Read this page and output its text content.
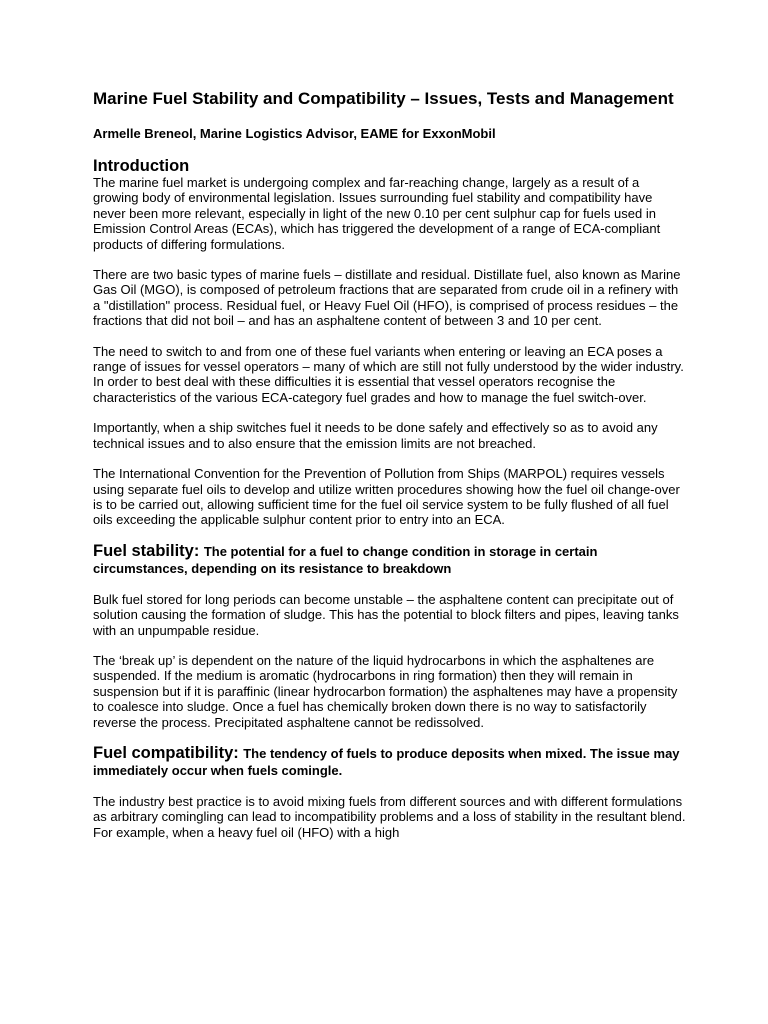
Marine Fuel Stability and Compatibility – Issues, Tests and Management

Armelle Breneol, Marine Logistics Advisor, EAME for ExxonMobil

Introduction

The marine fuel market is undergoing complex and far-reaching change, largely as a result of a growing body of environmental legislation. Issues surrounding fuel stability and compatibility have never been more relevant, especially in light of the new 0.10 per cent sulphur cap for fuels used in Emission Control Areas (ECAs), which has triggered the development of a range of ECA-compliant products of differing formulations.

There are two basic types of marine fuels – distillate and residual. Distillate fuel, also known as Marine Gas Oil (MGO), is composed of petroleum fractions that are separated from crude oil in a refinery with a "distillation" process. Residual fuel, or Heavy Fuel Oil (HFO), is comprised of process residues – the fractions that did not boil – and has an asphaltene content of between 3 and 10 per cent.

The need to switch to and from one of these fuel variants when entering or leaving an ECA poses a range of issues for vessel operators – many of which are still not fully understood by the wider industry. In order to best deal with these difficulties it is essential that vessel operators recognise the characteristics of the various ECA-category fuel grades and how to manage the fuel switch-over.

Importantly, when a ship switches fuel it needs to be done safely and effectively so as to avoid any technical issues and to also ensure that the emission limits are not breached.

The International Convention for the Prevention of Pollution from Ships (MARPOL) requires vessels using separate fuel oils to develop and utilize written procedures showing how the fuel oil change-over is to be carried out, allowing sufficient time for the fuel oil service system to be fully flushed of all fuel oils exceeding the applicable sulphur content prior to entry into an ECA.

Fuel stability: The potential for a fuel to change condition in storage in certain circumstances, depending on its resistance to breakdown

Bulk fuel stored for long periods can become unstable – the asphaltene content can precipitate out of solution causing the formation of sludge. This has the potential to block filters and pipes, leaving tanks with an unpumpable residue.

The ‘break up’ is dependent on the nature of the liquid hydrocarbons in which the asphaltenes are suspended. If the medium is aromatic (hydrocarbons in ring formation) then they will remain in suspension but if it is paraffinic (linear hydrocarbon formation) the asphaltenes may have a propensity to coalesce into sludge. Once a fuel has chemically broken down there is no way to satisfactorily reverse the process. Precipitated asphaltene cannot be redissolved.

Fuel compatibility: The tendency of fuels to produce deposits when mixed. The issue may immediately occur when fuels comingle.

The industry best practice is to avoid mixing fuels from different sources and with different formulations as arbitrary comingling can lead to incompatibility problems and a loss of stability in the resultant blend. For example, when a heavy fuel oil (HFO) with a high
